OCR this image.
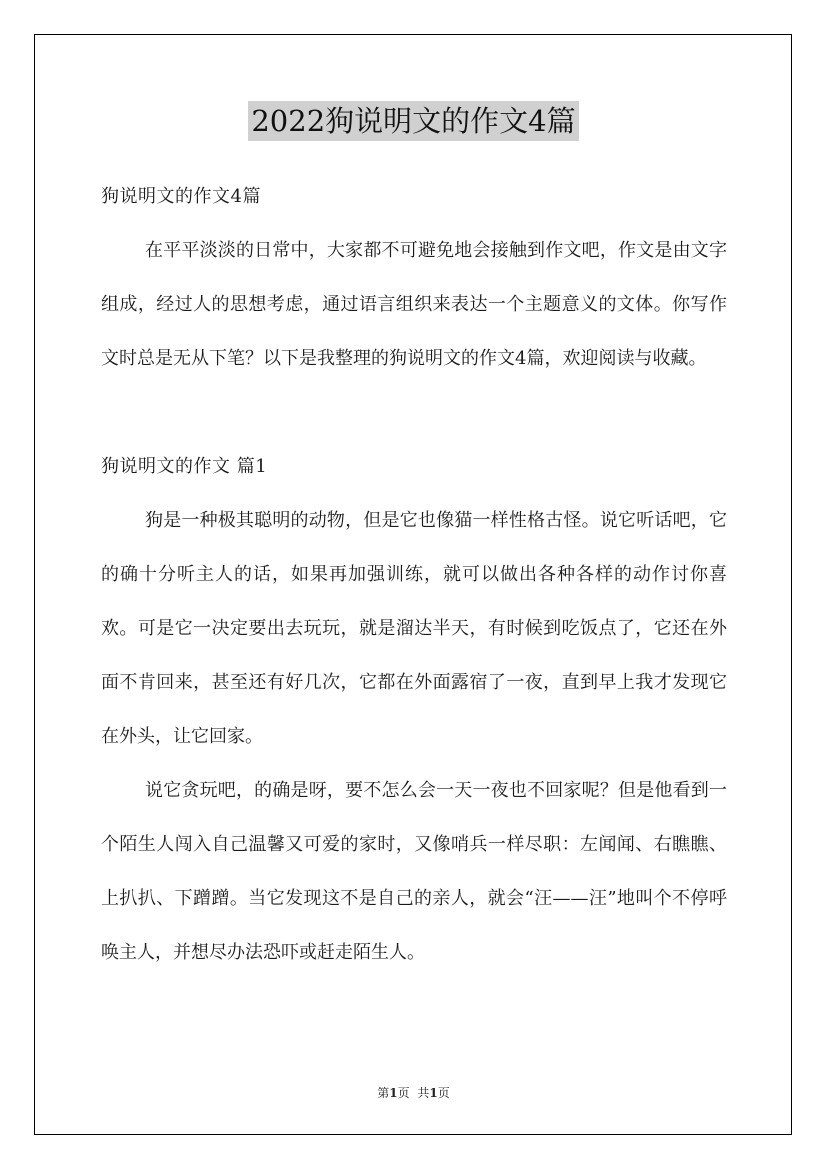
2022狗说明文的作文4篇

狗说明文的作文4篇

在平平淡淡的日常中，大家都不可避免地会接触到作文吧，作文是由文字组成，经过人的思想考虑，通过语言组织来表达一个主题意义的文体。你写作文时总是无从下笔？以下是我整理的狗说明文的作文4篇，欢迎阅读与收藏。

狗说明文的作文 篇1

狗是一种极其聪明的动物，但是它也像猫一样性格古怪。说它听话吧，它的确十分听主人的话，如果再加强训练，就可以做出各种各样的动作讨你喜欢。可是它一决定要出去玩玩，就是溜达半天，有时候到吃饭点了，它还在外面不肯回来，甚至还有好几次，它都在外面露宿了一夜，直到早上我才发现它在外头，让它回家。

说它贪玩吧，的确是呀，要不怎么会一天一夜也不回家呢？但是他看到一个陌生人闯入自己温馨又可爱的家时，又像哨兵一样尽职：左闻闻、右瞧瞧、上扒扒、下蹭蹭。当它发现这不是自己的亲人，就会“汪——汪”地叫个不停呼唤主人，并想尽办法恐吓或赶走陌生人。

第1页 共1页
